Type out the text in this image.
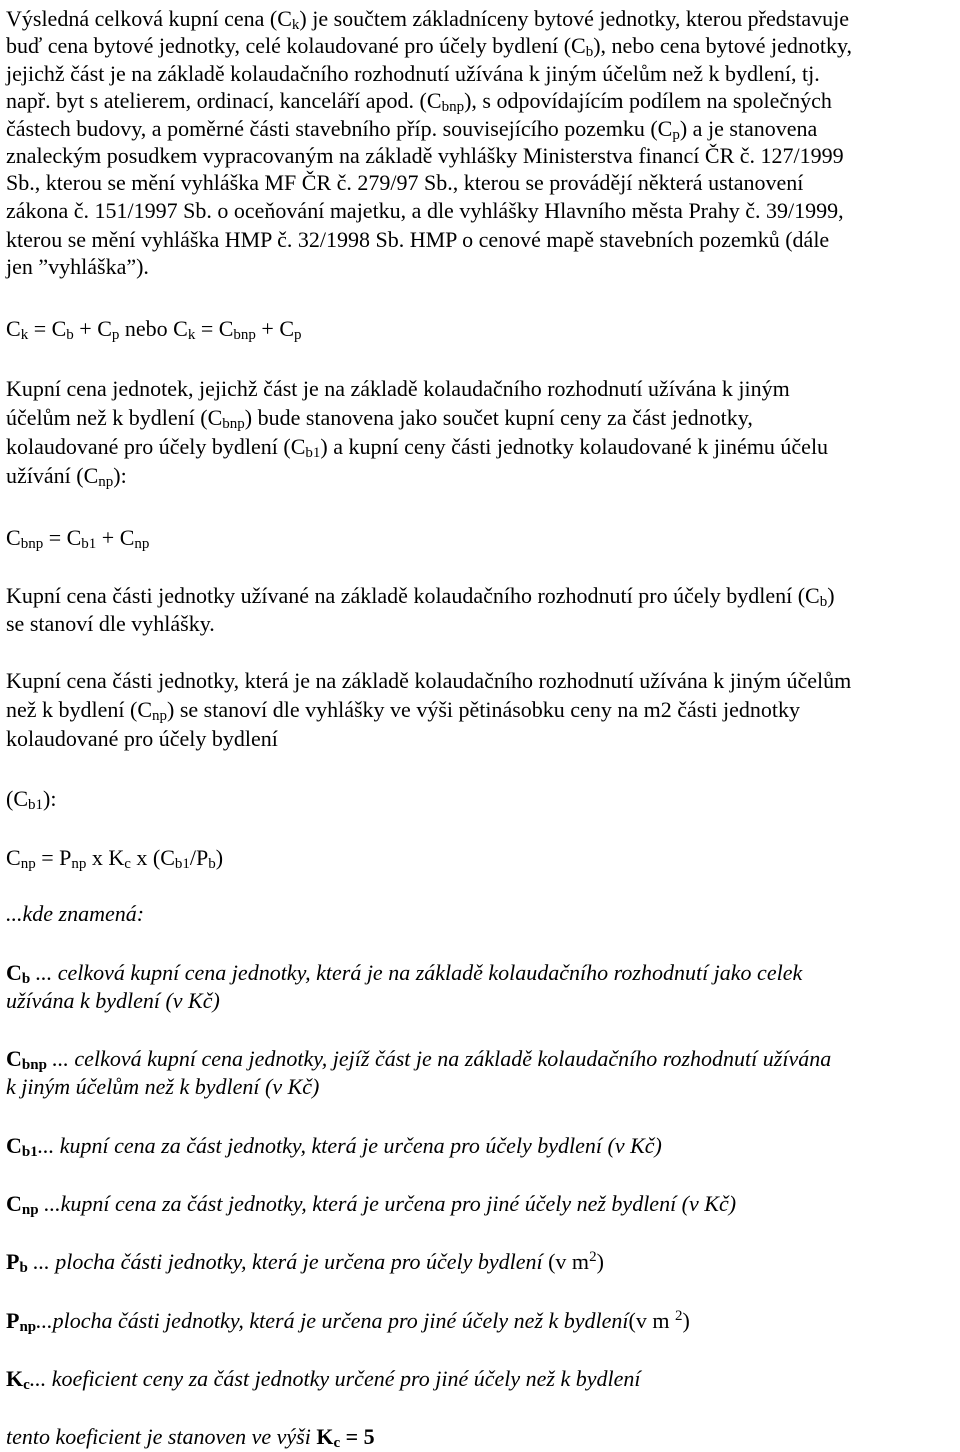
Výsledná celková kupní cena $(C_k)$ je součtem základníceny bytové jednotky, kterou představuje
buď cena bytové jednotky, celé kolaudované pro účely bydlení $(C_b)$, nebo cena bytové jednotky,
jejichž část je na základě kolaudačního rozhodnutí užívána k jiným účelům než k bydlení, tj.
např. byt s atelierem, ordinací, kanceláří apod. $(C_{bnp})$, s odpovídajícím podílem na společných
částech budovy, a poměrné části stavebního příp. souvisejícího pozemku $(C_p)$ a je stanovena
znaleckým posudkem vypracovaným na základě vyhlášky Ministerstva financí ČR č. 127/1999
Sb., kterou se mění vyhláška MF ČR č. 279/97 Sb., kterou se provádějí některá ustanovení
zákona č. 151/1997 Sb. o oceňování majetku, a dle vyhlášky Hlavního města Prahy č. 39/1999,
kterou se mění vyhláška HMP č. 32/1998 Sb. HMP o cenové mapě stavebních pozemků (dále
jen ”vyhláška”).
$C_k = C_b + C_p$ nebo $C_k = C_{bnp} + C_p$
Kupní cena jednotek, jejichž část je na základě kolaudačního rozhodnutí užívána k jiným
účelům než k bydlení $(C_{bnp})$ bude stanovena jako součet kupní ceny za část jednotky,
kolaudované pro účely bydlení $(C_{b1})$ a kupní ceny části jednotky kolaudované k jinému účelu
užívání $(C_{np})$:
$C_{bnp} = C_{b1} + C_{np}$
Kupní cena části jednotky užívané na základě kolaudačního rozhodnutí pro účely bydlení $(C_b)$
se stanoví dle vyhlášky.
Kupní cena části jednotky, která je na základě kolaudačního rozhodnutí užívána k jiným účelům
než k bydlení $(C_{np})$ se stanoví dle vyhlášky ve výši pětinásobku ceny na m2 části jednotky
kolaudované pro účely bydlení
$(C_{b1})$:
$C_{np} = P_{np}$ x $K_c$ x $(C_{b1}/P_b)$
...kde znamená:
$C_b$ ... celková kupní cena jednotky, která je na základě kolaudačního rozhodnutí jako celek
užívána k bydlení (v Kč)
$C_{bnp}$ ... celková kupní cena jednotky, jejíž část je na základě kolaudačního rozhodnutí užívána
k jiným účelům než k bydlení (v Kč)
$C_{b1}$... kupní cena za část jednotky, která je určena pro účely bydlení (v Kč)
$C_{np}$ ...kupní cena za část jednotky, která je určena pro jiné účely než bydlení (v Kč)
$P_b$ ... plocha části jednotky, která je určena pro účely bydlení (v $m^2$)
$P_{np}...plocha$ části jednotky, která je určena pro jiné účely než k bydlení(v m $^2$)
$K_c$... koeficient ceny za část jednotky určené pro jiné účely než k bydlení
tento koeficient je stanoven ve výši $K_c = 5$
